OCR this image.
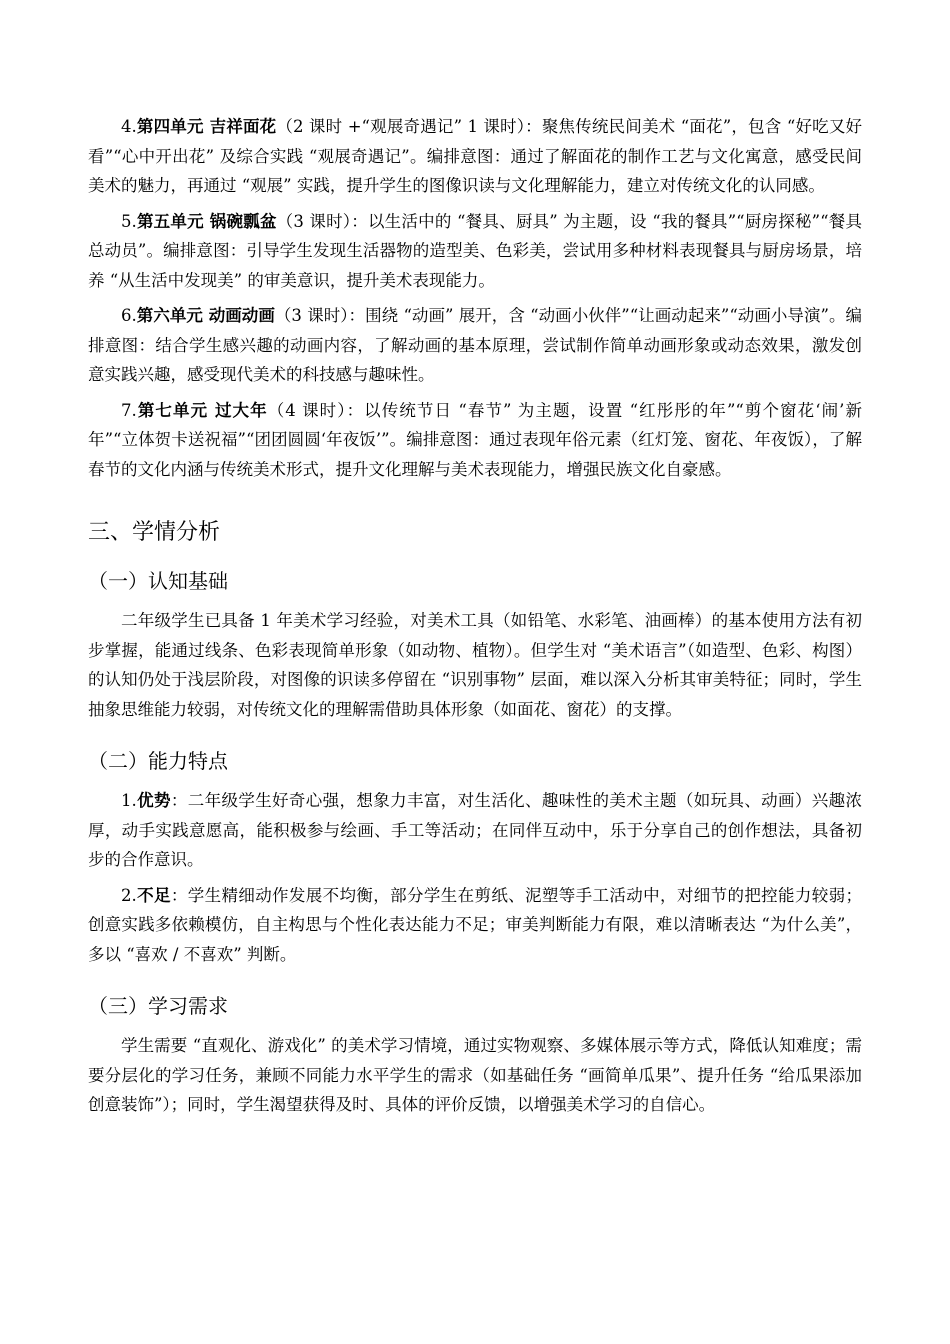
4.第四单元 吉祥面花（2 课时 +“观展奇遇记” 1 课时）：聚焦传统民间美术 “面花”，包含 “好吃又好看”“心中开出花” 及综合实践 “观展奇遇记”。编排意图：通过了解面花的制作工艺与文化寓意，感受民间美术的魅力，再通过 “观展” 实践，提升学生的图像识读与文化理解能力，建立对传统文化的认同感。

5.第五单元 锅碗瓢盆（3 课时）：以生活中的 “餐具、厨具” 为主题，设 “我的餐具”“厨房探秘”“餐具总动员”。编排意图：引导学生发现生活器物的造型美、色彩美，尝试用多种材料表现餐具与厨房场景，培养 “从生活中发现美” 的审美意识，提升美术表现能力。

6.第六单元 动画动画（3 课时）：围绕 “动画” 展开，含 “动画小伙伴”“让画动起来”“动画小导演”。编排意图：结合学生感兴趣的动画内容，了解动画的基本原理，尝试制作简单动画形象或动态效果，激发创意实践兴趣，感受现代美术的科技感与趣味性。

7.第七单元 过大年（4 课时）：以传统节日 “春节” 为主题，设置 “红彤彤的年”“剪个窗花‘闹’新年”“立体贺卡送祝福”“团团圆圆‘年夜饭’”。编排意图：通过表现年俗元素（红灯笼、窗花、年夜饭），了解春节的文化内涵与传统美术形式，提升文化理解与美术表现能力，增强民族文化自豪感。

三、学情分析
（一）认知基础

二年级学生已具备 1 年美术学习经验，对美术工具（如铅笔、水彩笔、油画棒）的基本使用方法有初步掌握，能通过线条、色彩表现简单形象（如动物、植物）。但学生对 “美术语言”（如造型、色彩、构图）的认知仍处于浅层阶段，对图像的识读多停留在 “识别事物” 层面，难以深入分析其审美特征；同时，学生抽象思维能力较弱，对传统文化的理解需借助具体形象（如面花、窗花）的支撑。

（二）能力特点

1.优势：二年级学生好奇心强，想象力丰富，对生活化、趣味性的美术主题（如玩具、动画）兴趣浓厚，动手实践意愿高，能积极参与绘画、手工等活动；在同伴互动中，乐于分享自己的创作想法，具备初步的合作意识。

2.不足：学生精细动作发展不均衡，部分学生在剪纸、泥塑等手工活动中，对细节的把控能力较弱；创意实践多依赖模仿，自主构思与个性化表达能力不足；审美判断能力有限，难以清晰表达 “为什么美”，多以 “喜欢 / 不喜欢” 判断。

（三）学习需求

学生需要 “直观化、游戏化” 的美术学习情境，通过实物观察、多媒体展示等方式，降低认知难度；需要分层化的学习任务，兼顾不同能力水平学生的需求（如基础任务 “画简单瓜果”、提升任务 “给瓜果添加创意装饰”）；同时，学生渴望获得及时、具体的评价反馈，以增强美术学习的自信心。
